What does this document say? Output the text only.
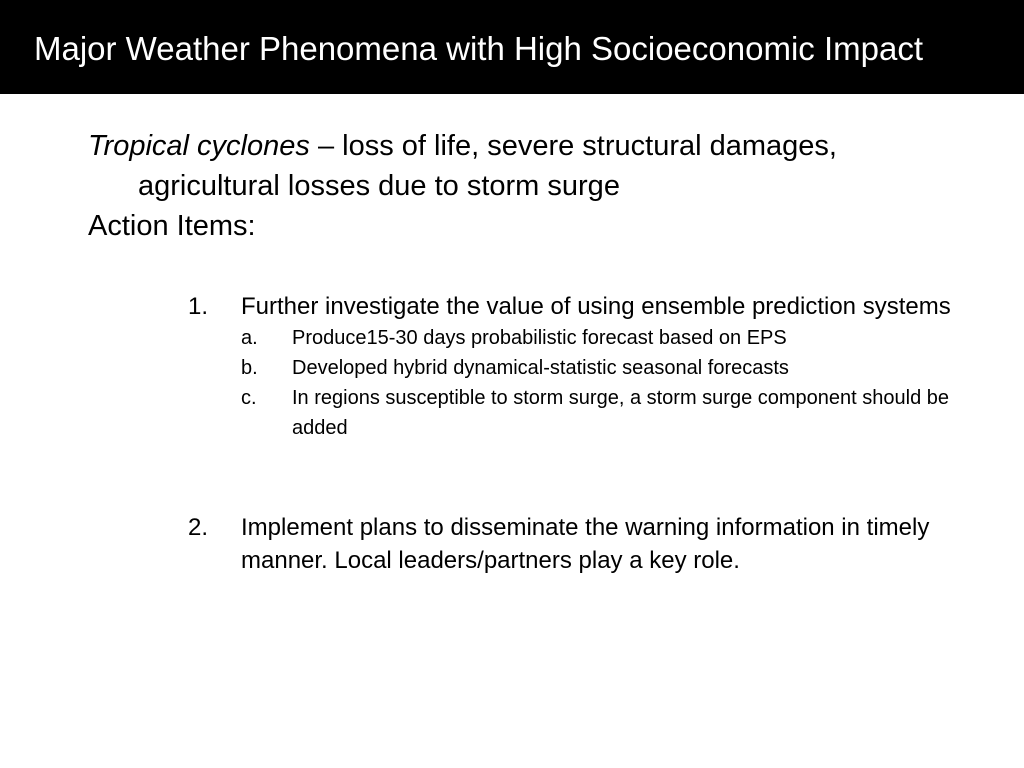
Major Weather Phenomena with High Socioeconomic Impact
Tropical cyclones – loss of life, severe structural damages, agricultural losses due to storm surge
Action Items:
1. Further investigate the value of using ensemble prediction systems
a. Produce15-30 days probabilistic forecast based on EPS
b. Developed hybrid dynamical-statistic seasonal forecasts
c. In regions susceptible to storm surge, a storm surge component should be added
2. Implement plans to disseminate the warning information in timely manner. Local leaders/partners play a key role.
